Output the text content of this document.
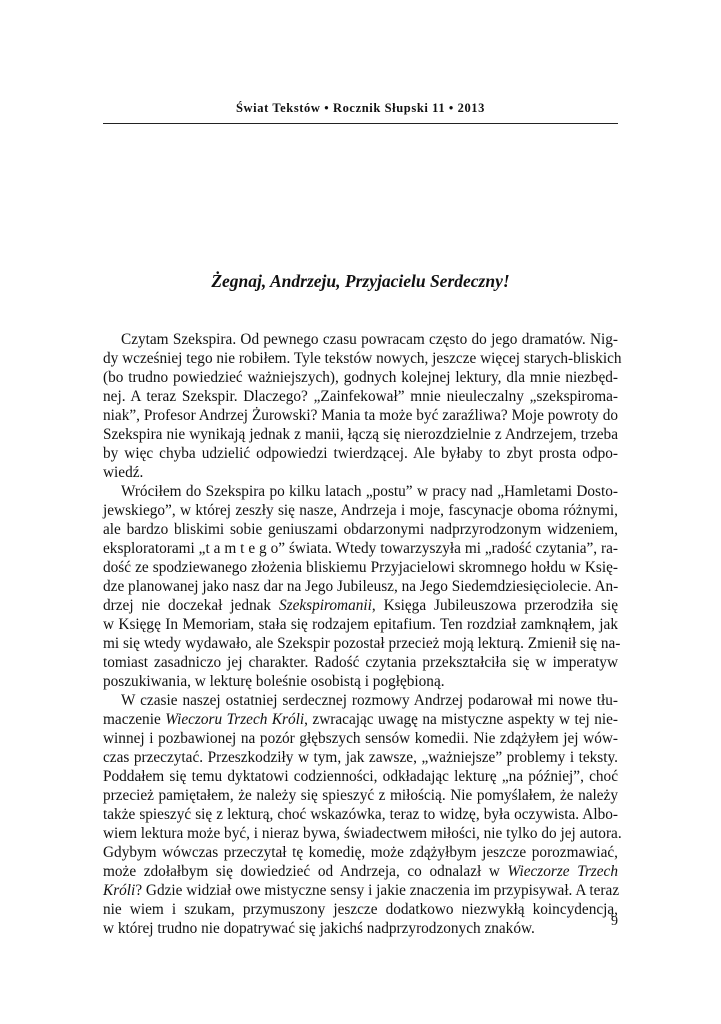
Świat Tekstów • Rocznik Słupski 11 • 2013
Żegnaj, Andrzeju, Przyjacielu Serdeczny!
Czytam Szekspira. Od pewnego czasu powracam często do jego dramatów. Nig-
dy wcześniej tego nie robiłem. Tyle tekstów nowych, jeszcze więcej starych-bliskich
(bo trudno powiedzieć ważniejszych), godnych kolejnej lektury, dla mnie niezbęd-
nej. A teraz Szekspir. Dlaczego? „Zainfekował” mnie nieuleczalny „szekspiroma-
niak”, Profesor Andrzej Żurowski? Mania ta może być zaraźliwa? Moje powroty do
Szekspira nie wynikają jednak z manii, łączą się nierozdzielnie z Andrzejem, trzeba
by więc chyba udzielić odpowiedzi twierdzącej. Ale byłaby to zbyt prosta odpo-
wiedź.
Wróciłem do Szekspira po kilku latach „postu” w pracy nad „Hamletami Dosto-
jewskiego”, w której zeszły się nasze, Andrzeja i moje, fascynacje oboma różnymi,
ale bardzo bliskimi sobie geniuszami obdarzonymi nadprzyrodzonym widzeniem,
eksploratorami „t a m t e g o” świata. Wtedy towarzyszyła mi „radość czytania”, ra-
dość ze spodziewanego złożenia bliskiemu Przyjacielowi skromnego hołdu w Księ-
dze planowanej jako nasz dar na Jego Jubileusz, na Jego Siedemdziesięciolecie. An-
drzej nie doczekał jednak Szekspiromanii, Księga Jubileuszowa przerodziła się
w Księgę In Memoriam, stała się rodzajem epitafium. Ten rozdział zamknąłem, jak
mi się wtedy wydawało, ale Szekspir pozostał przecież moją lekturą. Zmienił się na-
tomiast zasadniczo jej charakter. Radość czytania przekształciła się w imperatyw
poszukiwania, w lekturę boleśnie osobistą i pogłębioną.
W czasie naszej ostatniej serdecznej rozmowy Andrzej podarował mi nowe tłu-
maczenie Wieczoru Trzech Króli, zwracając uwagę na mistyczne aspekty w tej nie-
winnej i pozbawionej na pozór głębszych sensów komedii. Nie zdążyłem jej wów-
czas przeczytać. Przeszkodziły w tym, jak zawsze, „ważniejsze” problemy i teksty.
Poddałem się temu dyktatowi codzienności, odkładając lekturę „na później”, choć
przecież pamiętałem, że należy się spieszyć z miłością. Nie pomyślałem, że należy
także spieszyć się z lekturą, choć wskazówka, teraz to widzę, była oczywista. Albo-
wiem lektura może być, i nieraz bywa, świadectwem miłości, nie tylko do jej autora.
Gdybym wówczas przeczytał tę komedię, może zdążyłbym jeszcze porozmawiać,
może zdołałbym się dowiedzieć od Andrzeja, co odnalazł w Wieczorze Trzech
Króli? Gdzie widział owe mistyczne sensy i jakie znaczenia im przypisywał. A teraz
nie wiem i szukam, przymuszony jeszcze dodatkowo niezwykłą koincydencją,
w której trudno nie dopatrywać się jakichś nadprzyrodzonych znaków.	9
